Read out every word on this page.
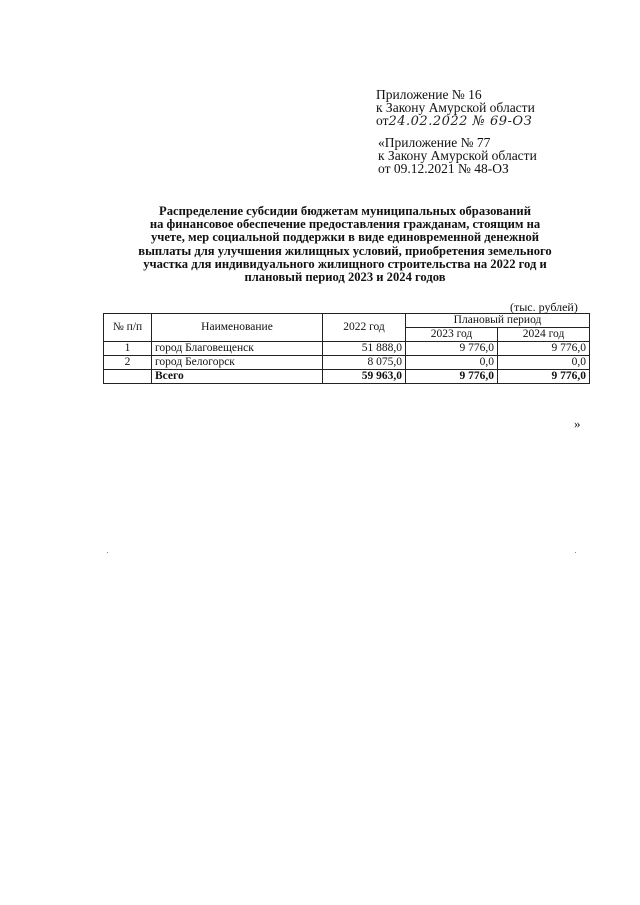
Приложение № 16
к Закону Амурской области
от24.02.2022 № 69-ОЗ
«Приложение № 77
к Закону Амурской области
от 09.12.2021 № 48-ОЗ
Распределение субсидии бюджетам муниципальных образований
на финансовое обеспечение предоставления гражданам, стоящим на
учете, мер социальной поддержки в виде единовременной денежной
выплаты для улучшения жилищных условий, приобретения земельного
участка для индивидуального жилищного строительства на 2022 год и
плановый период 2023 и 2024 годов
(тыс. рублей)
№ п/п	Наименование	2022 год	Плановый период	
			2023 год	2024 год
1	город Благовещенск	51 888,0	9 776,0	9 776,0
2	город Белогорск	8 075,0	0,0	0,0
	Всего	59 963,0	9 776,0	9 776,0
»
